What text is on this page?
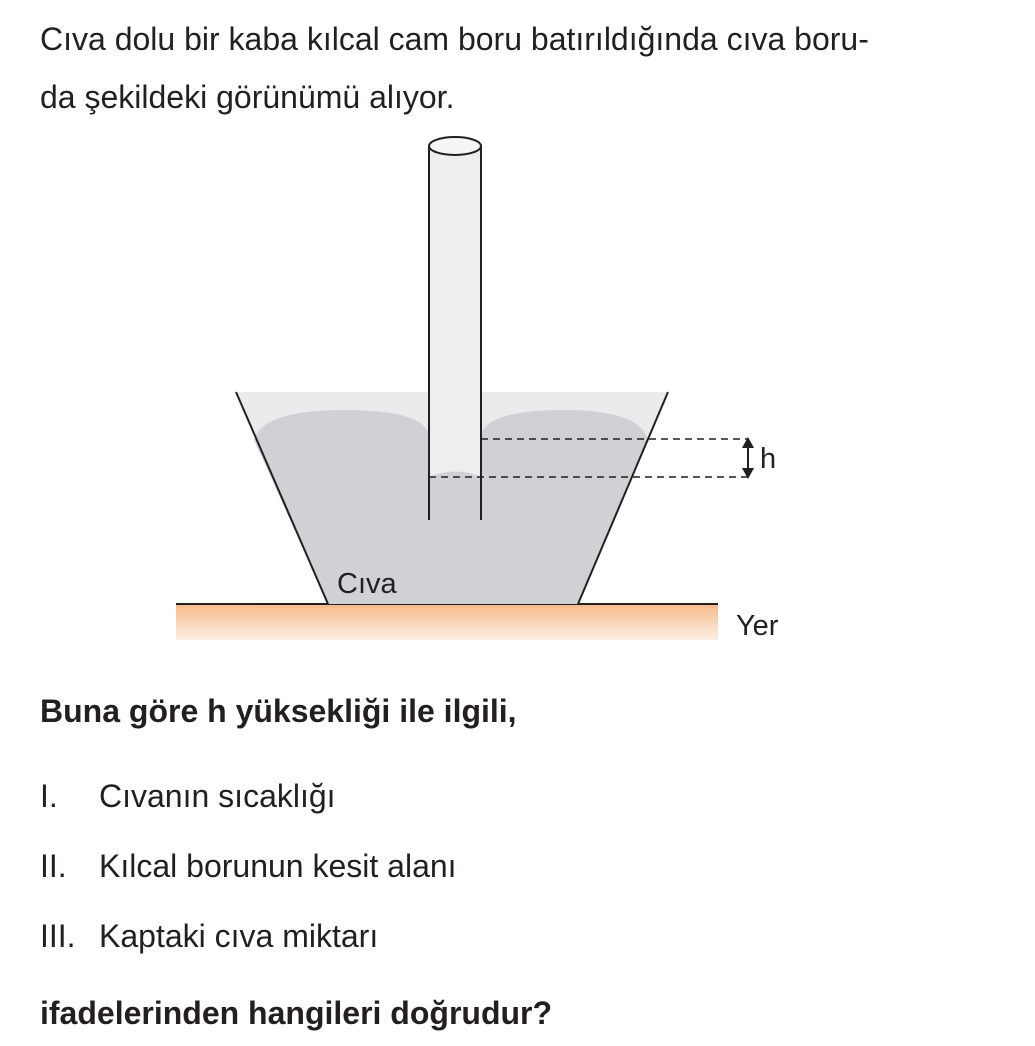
Cıva dolu bir kaba kılcal cam boru batırıldığında cıva boru-
da şekildeki görünümü alıyor.
h
Cıva
Yer

Buna göre h yüksekliği ile ilgili,

I. Cıvanın sıcaklığı

II. Kılcal borunun kesit alanı

III. Kaptaki cıva miktarı

ifadelerinden hangileri doğrudur?
